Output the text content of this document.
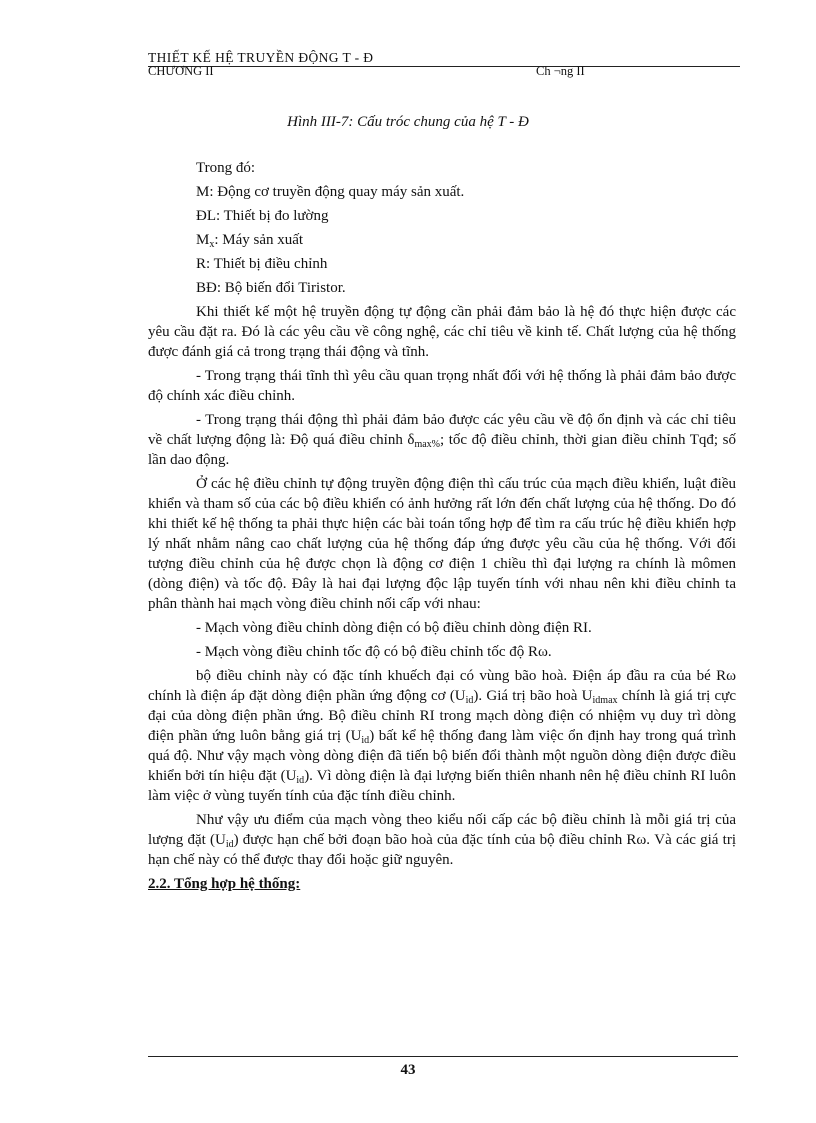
THIẾT KẾ HỆ TRUYỀN ĐỘNG T - Đ
CHƯƠNG II	Ch ¬ng II
Hình III-7: Cấu tróc chung của hệ T - Đ
Trong đó:
M: Động cơ truyền động quay máy sản xuất.
ĐL: Thiết bị đo lường
$M_x$: Máy sản xuất
R: Thiết bị điều chỉnh
BĐ: Bộ biến đổi Tiristor.

Khi thiết kế một hệ truyền động tự động cần phải đảm bảo là hệ đó thực hiện được các yêu cầu đặt ra. Đó là các yêu cầu về công nghệ, các chỉ tiêu về kinh tế. Chất lượng của hệ thống được đánh giá cả trong trạng thái động và tĩnh.

- Trong trạng thái tĩnh thì yêu cầu quan trọng nhất đối với hệ thống là phải đảm bảo được độ chính xác điều chỉnh.

- Trong trạng thái động thì phải đảm bảo được các yêu cầu về độ ổn định và các chỉ tiêu về chất lượng động là: Độ quá điều chỉnh $\delta_{max\%}$; tốc độ điều chỉnh, thời gian điều chỉnh Tqđ; số lần dao động.

Ở các hệ điều chỉnh tự động truyền động điện thì cấu trúc của mạch điều khiển, luật điều khiển và tham số của các bộ điều khiển có ảnh hưởng rất lớn đến chất lượng của hệ thống. Do đó khi thiết kế hệ thống ta phải thực hiện các bài toán tổng hợp để tìm ra cấu trúc hệ điều khiển hợp lý nhất nhằm nâng cao chất lượng của hệ thống đáp ứng được yêu cầu của hệ thống. Với đối tượng điều chỉnh của hệ được chọn là động cơ điện 1 chiều thì đại lượng ra chính là mômen (dòng điện) và tốc độ. Đây là hai đại lượng độc lập tuyến tính với nhau nên khi điều chỉnh ta phân thành hai mạch vòng điều chỉnh nối cấp với nhau:

- Mạch vòng điều chỉnh dòng điện có bộ điều chỉnh dòng điện RI.
- Mạch vòng điều chỉnh tốc độ có bộ điều chỉnh tốc độ Rω.

bộ điều chỉnh này có đặc tính khuếch đại có vùng bão hoà. Điện áp đầu ra của bé Rω chính là điện áp đặt dòng điện phần ứng động cơ $(U_{id})$. Giá trị bão hoà $U_{idmax}$ chính là giá trị cực đại của dòng điện phần ứng. Bộ điều chỉnh RI trong mạch dòng điện có nhiệm vụ duy trì dòng điện phần ứng luôn bằng giá trị $(U_{id})$ bất kể hệ thống đang làm việc ổn định hay trong quá trình quá độ. Như vậy mạch vòng dòng điện đã tiến bộ biến đổi thành một nguồn dòng điện được điều khiển bởi tín hiệu đặt $(U_{id})$. Vì dòng điện là đại lượng biến thiên nhanh nên hệ điều chỉnh RI luôn làm việc ở vùng tuyến tính của đặc tính điều chỉnh.

Như vậy ưu điểm của mạch vòng theo kiểu nối cấp các bộ điều chỉnh là mỗi giá trị của lượng đặt $(U_{id})$ được hạn chế bởi đoạn bão hoà của đặc tính của bộ điều chỉnh Rω. Và các giá trị hạn chế này có thể được thay đổi hoặc giữ nguyên.

2.2. Tổng hợp hệ thống:
43
